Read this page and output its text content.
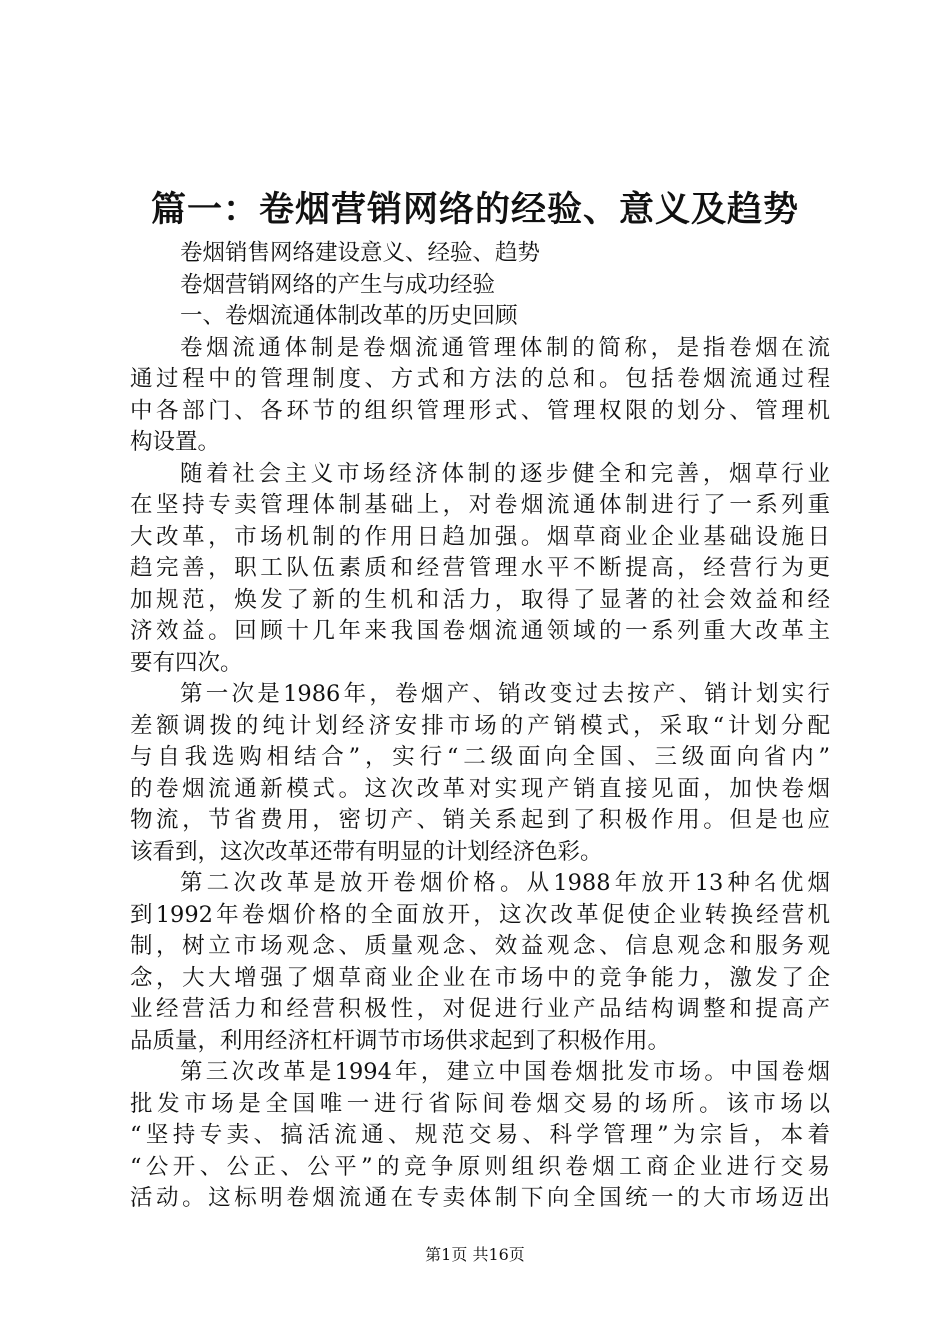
篇一：卷烟营销网络的经验、意义及趋势
卷烟销售网络建设意义、经验、趋势
卷烟营销网络的产生与成功经验
一、卷烟流通体制改革的历史回顾
卷烟流通体制是卷烟流通管理体制的简称，是指卷烟在流
通过程中的管理制度、方式和方法的总和。包括卷烟流通过程
中各部门、各环节的组织管理形式、管理权限的划分、管理机
构设置。
随着社会主义市场经济体制的逐步健全和完善，烟草行业
在坚持专卖管理体制基础上，对卷烟流通体制进行了一系列重
大改革，市场机制的作用日趋加强。烟草商业企业基础设施日
趋完善，职工队伍素质和经营管理水平不断提高，经营行为更
加规范，焕发了新的生机和活力，取得了显著的社会效益和经
济效益。回顾十几年来我国卷烟流通领域的一系列重大改革主
要有四次。
第一次是1986年，卷烟产、销改变过去按产、销计划实行
差额调拨的纯计划经济安排市场的产销模式，采取“计划分配
与自我选购相结合”，实行“二级面向全国、三级面向省内”
的卷烟流通新模式。这次改革对实现产销直接见面，加快卷烟
物流，节省费用，密切产、销关系起到了积极作用。但是也应
该看到，这次改革还带有明显的计划经济色彩。
第二次改革是放开卷烟价格。从1988年放开13种名优烟
到1992年卷烟价格的全面放开，这次改革促使企业转换经营机
制，树立市场观念、质量观念、效益观念、信息观念和服务观
念，大大增强了烟草商业企业在市场中的竞争能力，激发了企
业经营活力和经营积极性，对促进行业产品结构调整和提高产
品质量，利用经济杠杆调节市场供求起到了积极作用。
第三次改革是1994年，建立中国卷烟批发市场。中国卷烟
批发市场是全国唯一进行省际间卷烟交易的场所。该市场以
“坚持专卖、搞活流通、规范交易、科学管理”为宗旨，本着
“公开、公正、公平”的竞争原则组织卷烟工商企业进行交易
活动。这标明卷烟流通在专卖体制下向全国统一的大市场迈出
第1页 共16页
